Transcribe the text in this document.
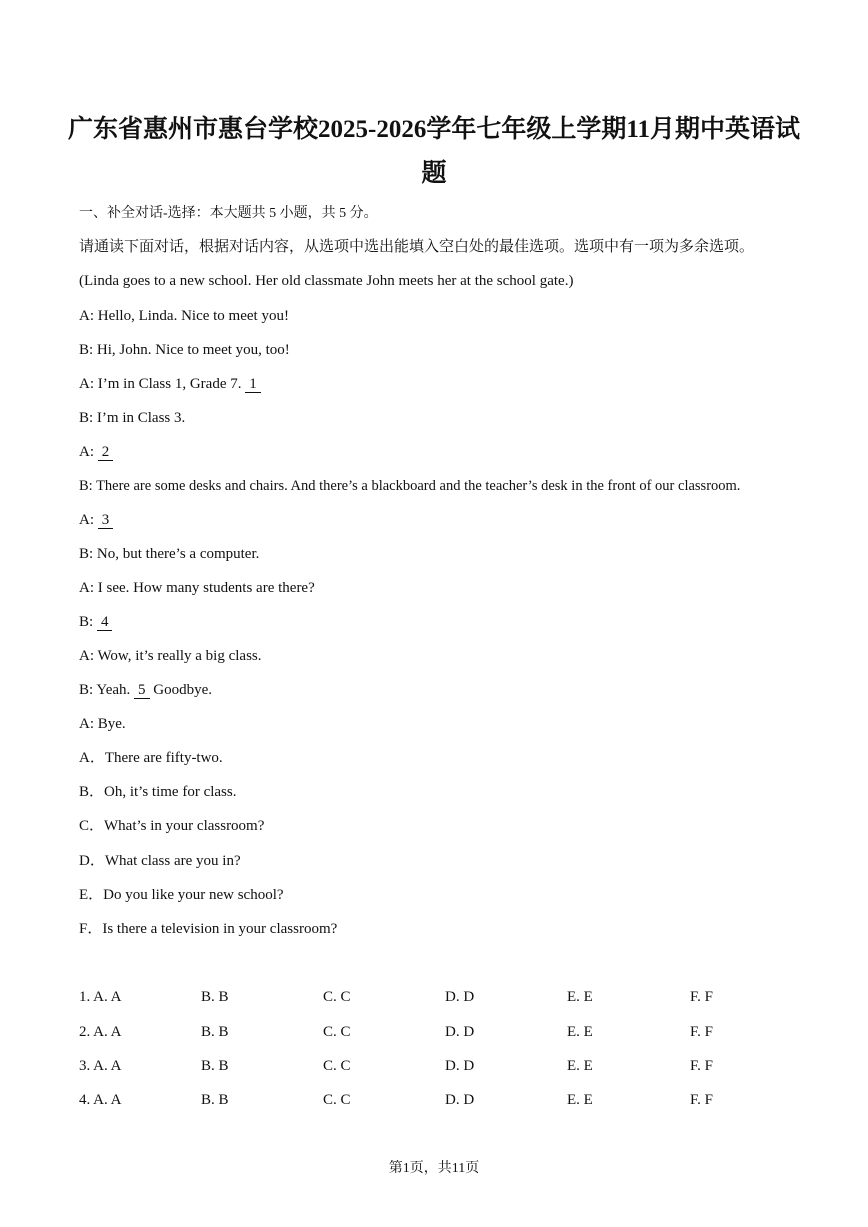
广东省惠州市惠台学校2025-2026学年七年级上学期11月期中英语试
题
一、补全对话-选择：本大题共 5 小题，共 5 分。
请通读下面对话，根据对话内容，从选项中选出能填入空白处的最佳选项。选项中有一项为多余选项。
(Linda goes to a new school. Her old classmate John meets her at the school gate.)
A: Hello, Linda. Nice to meet you!
B: Hi, John. Nice to meet you, too!
A: I’m in Class 1, Grade 7. 1
B: I’m in Class 3.
A: 2
B: There are some desks and chairs. And there’s a blackboard and the teacher’s desk in the front of our classroom.
A: 3
B: No, but there’s a computer.
A: I see. How many students are there?
B: 4
A: Wow, it’s really a big class.
B: Yeah. 5 Goodbye.
A: Bye.
A．There are fifty-two.
B．Oh, it’s time for class.
C．What’s in your classroom?
D．What class are you in?
E．Do you like your new school?
F．Is there a television in your classroom?
1. A. A	B. B	C. C	D. D	E. E	F. F
2. A. A	B. B	C. C	D. D	E. E	F. F
3. A. A	B. B	C. C	D. D	E. E	F. F
4. A. A	B. B	C. C	D. D	E. E	F. F
第1页，共11页
